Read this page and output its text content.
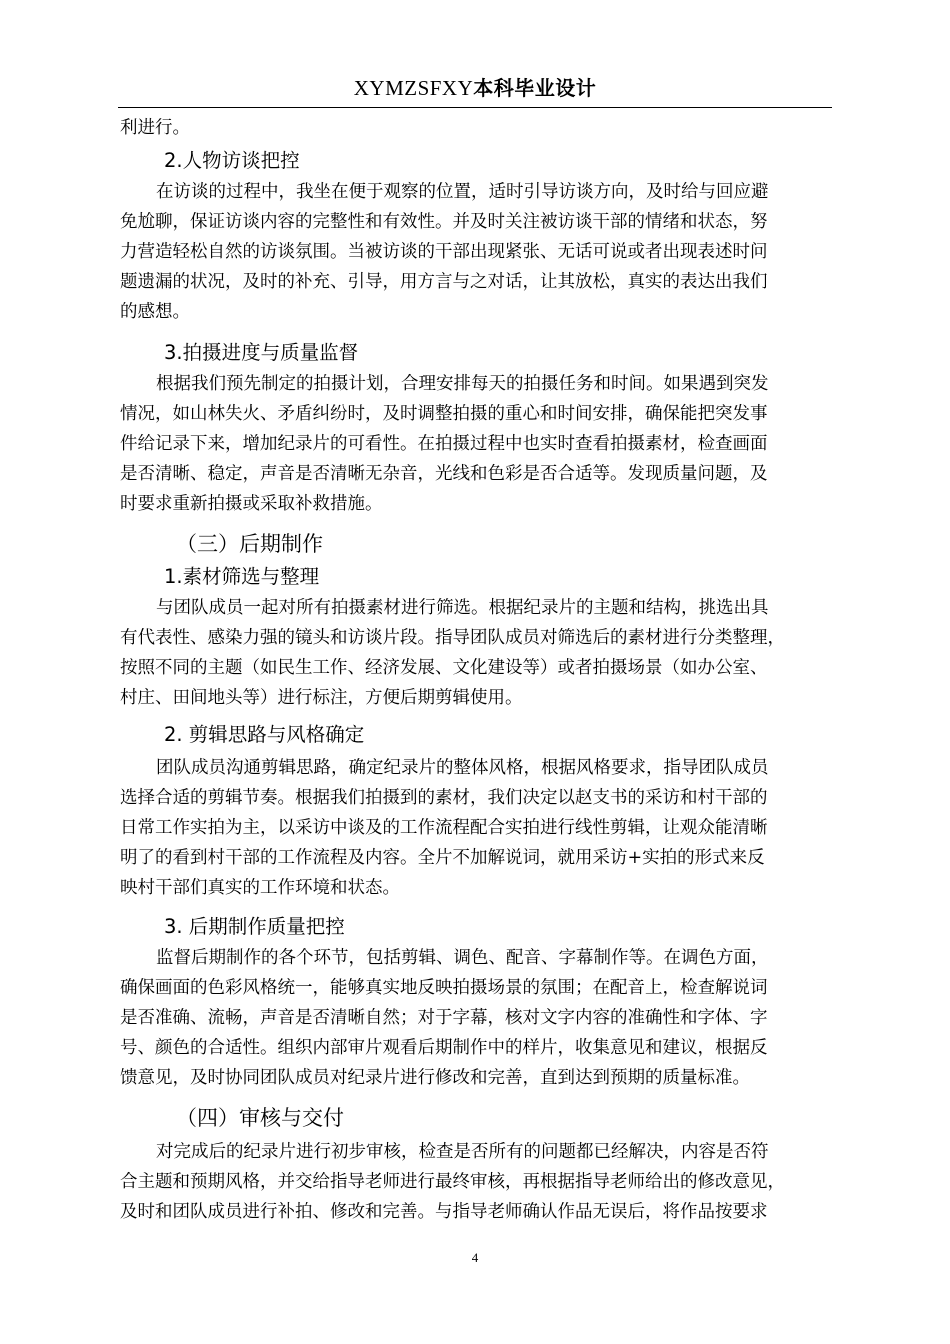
XYMZSFXY本科毕业设计
利进行。
2.人物访谈把控
在访谈的过程中，我坐在便于观察的位置，适时引导访谈方向，及时给与回应避
免尬聊，保证访谈内容的完整性和有效性。并及时关注被访谈干部的情绪和状态，努
力营造轻松自然的访谈氛围。当被访谈的干部出现紧张、无话可说或者出现表述时问
题遗漏的状况，及时的补充、引导，用方言与之对话，让其放松，真实的表达出我们
的感想。
3.拍摄进度与质量监督
根据我们预先制定的拍摄计划，合理安排每天的拍摄任务和时间。如果遇到突发
情况，如山林失火、矛盾纠纷时，及时调整拍摄的重心和时间安排，确保能把突发事
件给记录下来，增加纪录片的可看性。在拍摄过程中也实时查看拍摄素材，检查画面
是否清晰、稳定，声音是否清晰无杂音，光线和色彩是否合适等。发现质量问题，及
时要求重新拍摄或采取补救措施。
（三）后期制作
1.素材筛选与整理
与团队成员一起对所有拍摄素材进行筛选。根据纪录片的主题和结构，挑选出具
有代表性、感染力强的镜头和访谈片段。指导团队成员对筛选后的素材进行分类整理，
按照不同的主题（如民生工作、经济发展、文化建设等）或者拍摄场景（如办公室、
村庄、田间地头等）进行标注，方便后期剪辑使用。
2. 剪辑思路与风格确定
团队成员沟通剪辑思路，确定纪录片的整体风格，根据风格要求，指导团队成员
选择合适的剪辑节奏。根据我们拍摄到的素材，我们决定以赵支书的采访和村干部的
日常工作实拍为主，以采访中谈及的工作流程配合实拍进行线性剪辑，让观众能清晰
明了的看到村干部的工作流程及内容。全片不加解说词，就用采访+实拍的形式来反
映村干部们真实的工作环境和状态。
3. 后期制作质量把控
监督后期制作的各个环节，包括剪辑、调色、配音、字幕制作等。在调色方面，
确保画面的色彩风格统一，能够真实地反映拍摄场景的氛围；在配音上，检查解说词
是否准确、流畅，声音是否清晰自然；对于字幕，核对文字内容的准确性和字体、字
号、颜色的合适性。组织内部审片观看后期制作中的样片，收集意见和建议，根据反
馈意见，及时协同团队成员对纪录片进行修改和完善，直到达到预期的质量标准。
（四）审核与交付
对完成后的纪录片进行初步审核，检查是否所有的问题都已经解决，内容是否符
合主题和预期风格，并交给指导老师进行最终审核，再根据指导老师给出的修改意见，
及时和团队成员进行补拍、修改和完善。与指导老师确认作品无误后，将作品按要求
4
